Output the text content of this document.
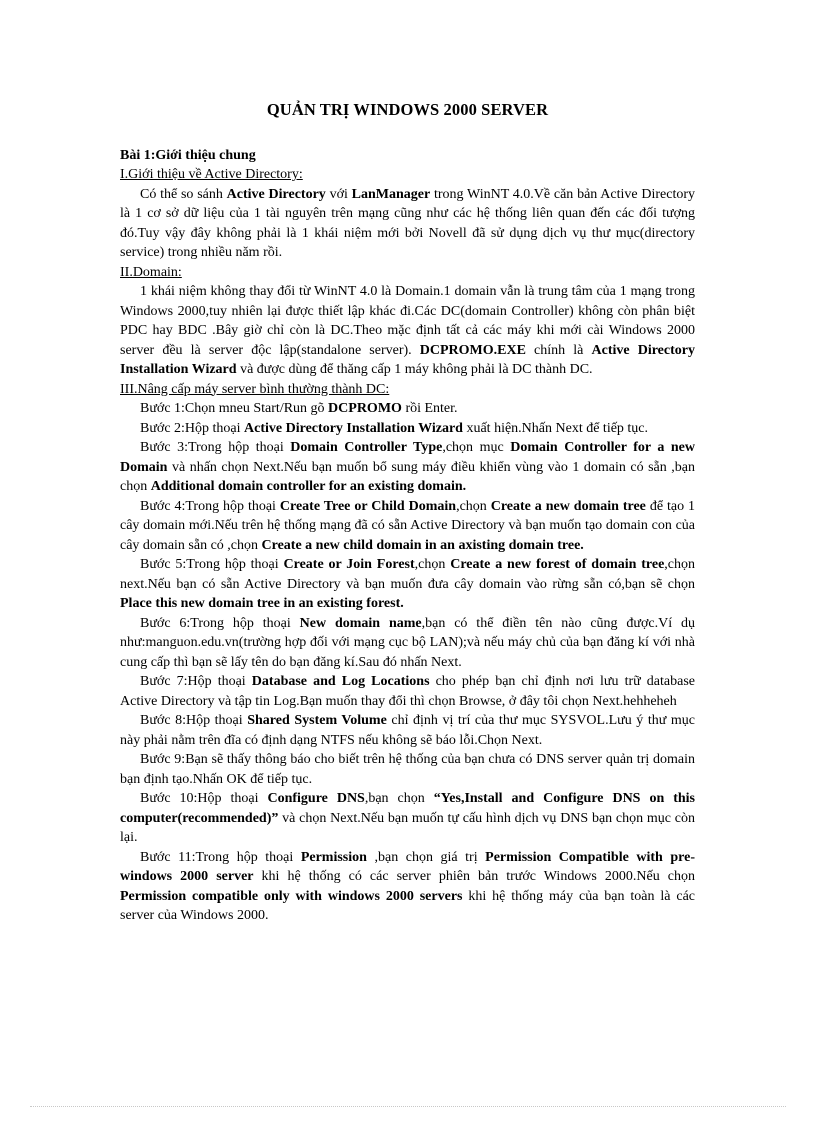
QUẢN TRỊ WINDOWS 2000 SERVER
Bài 1:Giới thiệu chung
I.Giới thiệu về Active Directory:

Có thể so sánh Active Directory với LanManager trong WinNT 4.0.Về căn bản Active Directory là 1 cơ sở dữ liệu của 1 tài nguyên trên mạng cũng như các hệ thống liên quan đến các đối tượng đó.Tuy vậy đây không phải là 1 khái niệm mới bởi Novell đã sử dụng dịch vụ thư mục(directory service) trong nhiều năm rồi.

II.Domain:

1 khái niệm không thay đổi từ WinNT 4.0 là Domain.1 domain vẫn là trung tâm của 1 mạng trong Windows 2000,tuy nhiên lại được thiết lập khác đi.Các DC(domain Controller) không còn phân biệt PDC hay BDC .Bây giờ chỉ còn là DC.Theo mặc định tất cả các máy khi mới cài Windows 2000 server đều là server độc lập(standalone server). DCPROMO.EXE chính là Active Directory Installation Wizard và được dùng để thăng cấp 1 máy không phải là DC thành DC.

III.Nâng cấp máy server bình thường thành DC:

Bước 1:Chọn mneu Start/Run gõ DCPROMO rồi Enter.

Bước 2:Hộp thoại Active Directory Installation Wizard xuất hiện.Nhấn Next để tiếp tục.

Bước 3:Trong hộp thoại Domain Controller Type,chọn mục Domain Controller for a new Domain và nhấn chọn Next.Nếu bạn muốn bổ sung máy điều khiển vùng vào 1 domain có sẵn ,bạn chọn Additional domain controller for an existing domain.

Bước 4:Trong hộp thoại Create Tree or Child Domain,chọn Create a new domain tree để tạo 1 cây domain mới.Nếu trên hệ thống mạng đã có sẵn Active Directory và bạn muốn tạo domain con của cây domain sẵn có ,chọn Create a new child domain in an axisting domain tree.

Bước 5:Trong hộp thoại Create or Join Forest,chọn Create a new forest of domain tree,chọn next.Nếu bạn có sẵn Active Directory và bạn muốn đưa cây domain vào rừng sẵn có,bạn sẽ chọn Place this new domain tree in an existing forest.

Bước 6:Trong hộp thoại New domain name,bạn có thể điền tên nào cũng được.Ví dụ như:manguon.edu.vn(trường hợp đối với mạng cục bộ LAN);và nếu máy chủ của bạn đăng kí với nhà cung cấp thì bạn sẽ lấy tên do bạn đăng kí.Sau đó nhấn Next.

Bước 7:Hộp thoại Database and Log Locations cho phép bạn chỉ định nơi lưu trữ database Active Directory và tập tin Log.Bạn muốn thay đổi thì chọn Browse, ở đây tôi chọn Next.hehheheh

Bước 8:Hộp thoại Shared System Volume chỉ định vị trí của thư mục SYSVOL.Lưu ý thư mục này phải nằm trên đĩa có định dạng NTFS nếu không sẽ báo lỗi.Chọn Next.

Bước 9:Bạn sẽ thấy thông báo cho biết trên hệ thống của bạn chưa có DNS server quản trị domain bạn định tạo.Nhấn OK để tiếp tục.

Bước 10:Hộp thoại Configure DNS,bạn chọn “Yes,Install and Configure DNS on this computer(recommended)” và chọn Next.Nếu bạn muốn tự cấu hình dịch vụ DNS bạn chọn mục còn lại.

Bước 11:Trong hộp thoại Permission ,bạn chọn giá trị Permission Compatible with pre-windows 2000 server khi hệ thống có các server phiên bản trước Windows 2000.Nếu chọn Permission compatible only with windows 2000 servers khi hệ thống máy của bạn toàn là các server của Windows 2000.
